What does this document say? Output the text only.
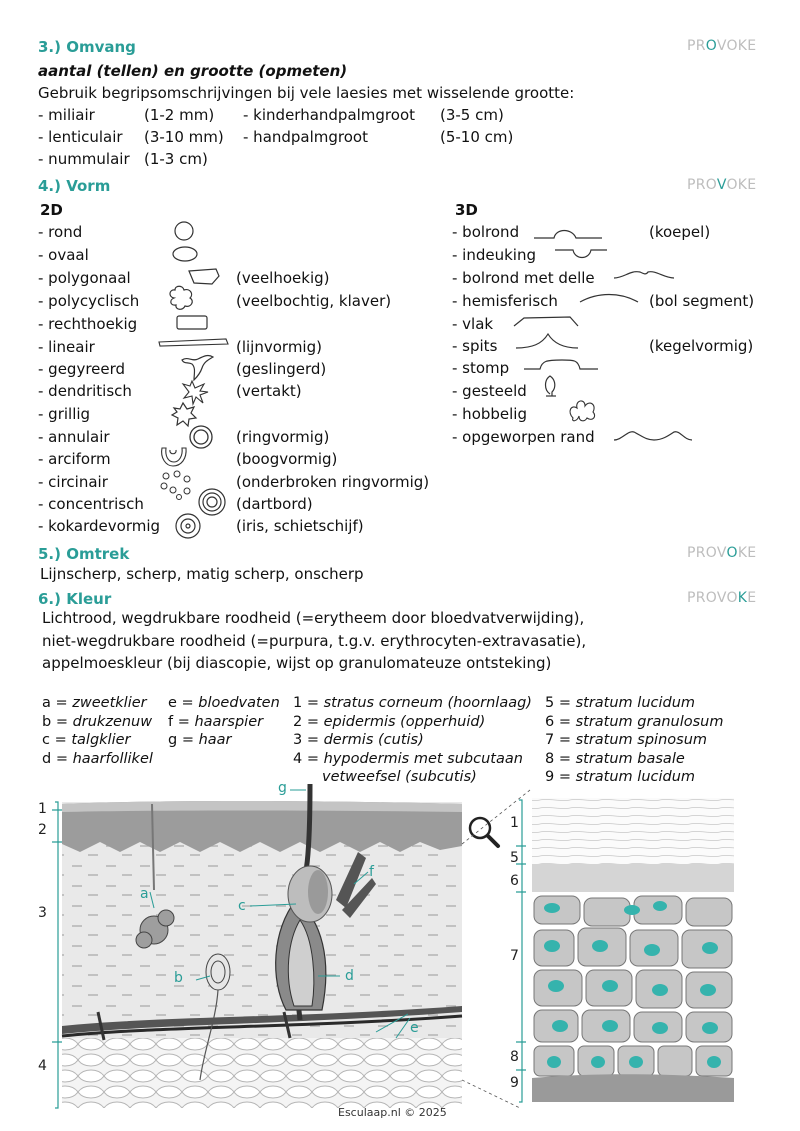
3.) Omvang	PROVOKE
aantal (tellen) en grootte (opmeten)
Gebruik begripsomschrijvingen bij vele laesies met wisselende grootte:
- miliair	(1-2 mm)
- lenticulair (3-10 mm)
- nummulair (1-3 cm)
- kinderhandpalmgroot (3-5 cm)
- handpalmgroot	(5-10 cm)
4.) Vorm	PROVOKE
2D	3D
- rond
- ovaal
- polygonaal	(veelhoekig)
- polycyclisch	(veelbochtig, klaver)
- rechthoekig
- lineair	(lijnvormig)
- gegyreerd	(geslingerd)
- dendritisch	(vertakt)
- grillig
- annulair	(ringvormig)
- arciform	(boogvormig)
- circinair	(onderbroken ringvormig)
- concentrisch	(dartbord)
- kokardevormig	(iris, schietschijf)
- bolrond	(koepel)
- indeuking
- bolrond met delle
- hemisferisch	(bol segment)
- vlak
- spits	(kegelvormig)
- stomp
- gesteeld
- hobbelig
- opgeworpen rand
5.) Omtrek	PROVOKE
Lijnscherp, scherp, matig scherp, onscherp
6.) Kleur	PROVOKE
Lichtrood, wegdrukbare roodheid (=erytheem door bloedvatverwijding),
niet-wegdrukbare roodheid (=purpura, t.g.v. erythrocyten-extravasatie),
appelmoeskleur (bij diascopie, wijst op granulomateuze ontsteking)
a = zweetklier
b = drukzenuw
c = talgklier
d = haarfollikel
e = bloedvaten
f = haarspier
g = haar
1 = stratus corneum (hoornlaag)
2 = epidermis (opperhuid)
3 = dermis (cutis)
4 = hypodermis met subcutaan
vetweefsel (subcutis)
5 = stratum lucidum
6 = stratum granulosum
7 = stratum spinosum
8 = stratum basale
9 = stratum lucidum
1
2
3
4
1
5
6
7
8
9
a
b
c
d
e
f
g
Esculaap.nl © 2025
